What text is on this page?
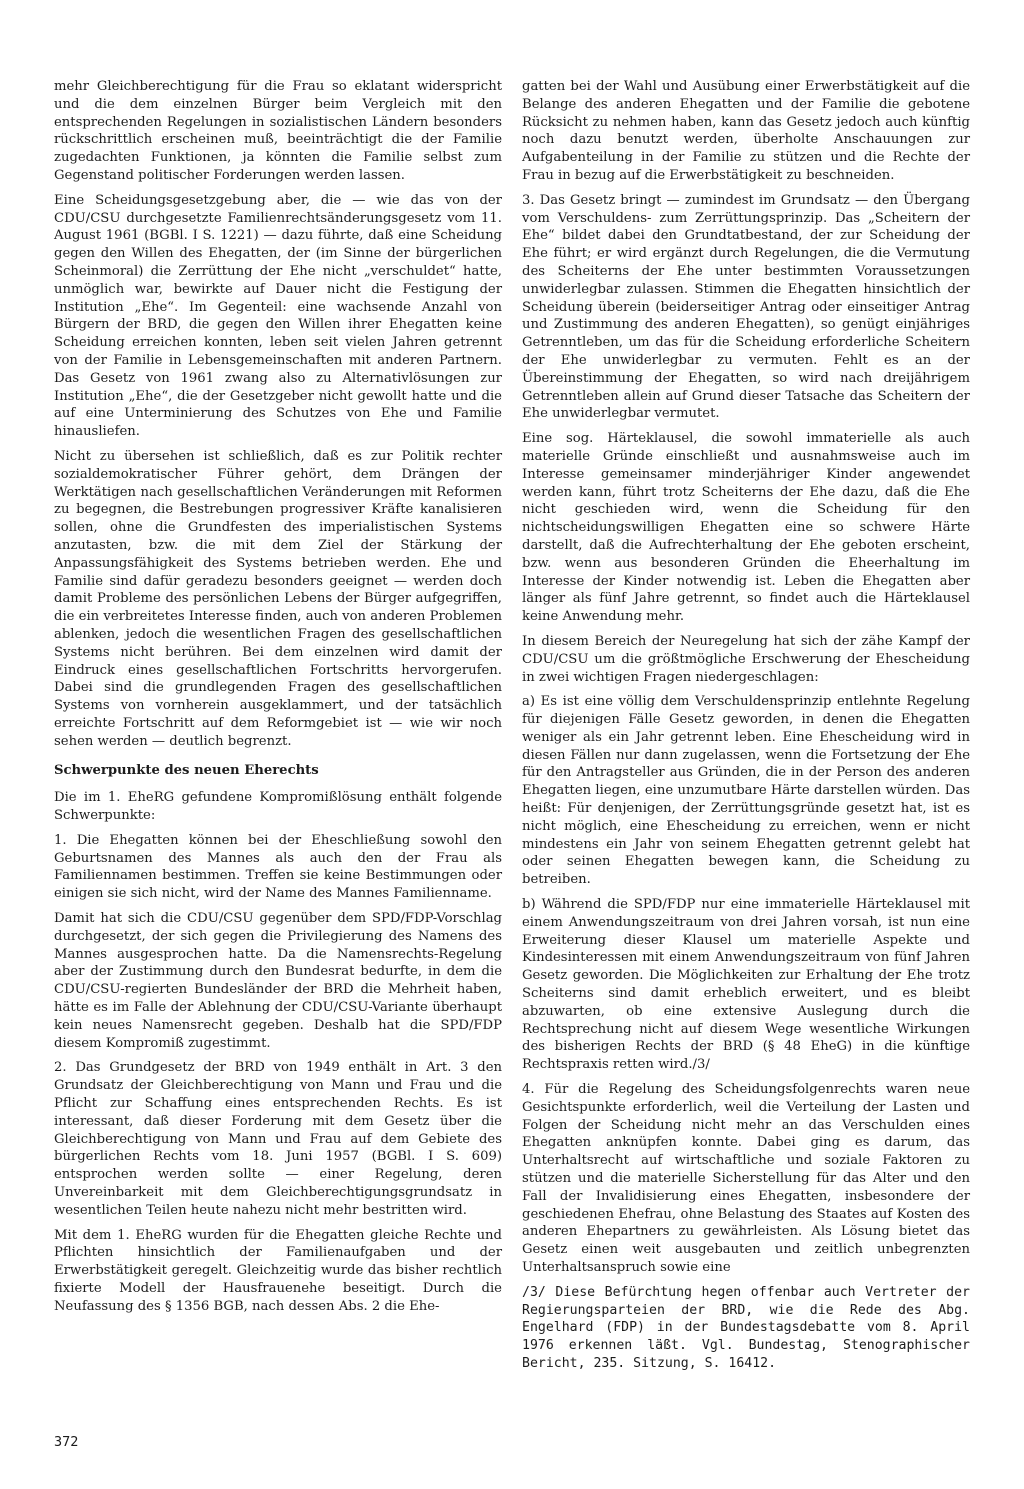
mehr Gleichberechtigung für die Frau so eklatant widerspricht und die dem einzelnen Bürger beim Vergleich mit den entsprechenden Regelungen in sozialistischen Ländern besonders rückschrittlich erscheinen muß, beeinträchtigt die der Familie zugedachten Funktionen, ja könnten die Familie selbst zum Gegenstand politischer Forderungen werden lassen.

Eine Scheidungsgesetzgebung aber, die — wie das von der CDU/CSU durchgesetzte Familienrechtsänderungsgesetz vom 11. August 1961 (BGBl. I S. 1221) — dazu führte, daß eine Scheidung gegen den Willen des Ehegatten, der (im Sinne der bürgerlichen Scheinmoral) die Zerrüttung der Ehe nicht „verschuldet“ hatte, unmöglich war, bewirkte auf Dauer nicht die Festigung der Institution „Ehe“. Im Gegenteil: eine wachsende Anzahl von Bürgern der BRD, die gegen den Willen ihrer Ehegatten keine Scheidung erreichen konnten, leben seit vielen Jahren getrennt von der Familie in Lebensgemeinschaften mit anderen Partnern. Das Gesetz von 1961 zwang also zu Alternativlösungen zur Institution „Ehe“, die der Gesetzgeber nicht gewollt hatte und die auf eine Unterminierung des Schutzes von Ehe und Familie hinausliefen.

Nicht zu übersehen ist schließlich, daß es zur Politik rechter sozialdemokratischer Führer gehört, dem Drängen der Werktätigen nach gesellschaftlichen Veränderungen mit Reformen zu begegnen, die Bestrebungen progressiver Kräfte kanalisieren sollen, ohne die Grundfesten des imperialistischen Systems anzutasten, bzw. die mit dem Ziel der Stärkung der Anpassungsfähigkeit des Systems betrieben werden. Ehe und Familie sind dafür geradezu besonders geeignet — werden doch damit Probleme des persönlichen Lebens der Bürger aufgegriffen, die ein verbreitetes Interesse finden, auch von anderen Problemen ablenken, jedoch die wesentlichen Fragen des gesellschaftlichen Systems nicht berühren. Bei dem einzelnen wird damit der Eindruck eines gesellschaftlichen Fortschritts hervorgerufen. Dabei sind die grundlegenden Fragen des gesellschaftlichen Systems von vornherein ausgeklammert, und der tatsächlich erreichte Fortschritt auf dem Reformgebiet ist — wie wir noch sehen werden — deutlich begrenzt.

Schwerpunkte des neuen Eherechts

Die im 1. EheRG gefundene Kompromißlösung enthält folgende Schwerpunkte:

1. Die Ehegatten können bei der Eheschließung sowohl den Geburtsnamen des Mannes als auch den der Frau als Familiennamen bestimmen. Treffen sie keine Bestimmungen oder einigen sie sich nicht, wird der Name des Mannes Familienname.

Damit hat sich die CDU/CSU gegenüber dem SPD/FDP-Vorschlag durchgesetzt, der sich gegen die Privilegierung des Namens des Mannes ausgesprochen hatte. Da die Namensrechts-Regelung aber der Zustimmung durch den Bundesrat bedurfte, in dem die CDU/CSU-regierten Bundesländer der BRD die Mehrheit haben, hätte es im Falle der Ablehnung der CDU/CSU-Variante überhaupt kein neues Namensrecht gegeben. Deshalb hat die SPD/FDP diesem Kompromiß zugestimmt.

2. Das Grundgesetz der BRD von 1949 enthält in Art. 3 den Grundsatz der Gleichberechtigung von Mann und Frau und die Pflicht zur Schaffung eines entsprechenden Rechts. Es ist interessant, daß dieser Forderung mit dem Gesetz über die Gleichberechtigung von Mann und Frau auf dem Gebiete des bürgerlichen Rechts vom 18. Juni 1957 (BGBl. I S. 609) entsprochen werden sollte — einer Regelung, deren Unvereinbarkeit mit dem Gleichberechtigungsgrundsatz in wesentlichen Teilen heute nahezu nicht mehr bestritten wird.

Mit dem 1. EheRG wurden für die Ehegatten gleiche Rechte und Pflichten hinsichtlich der Familienaufgaben und der Erwerbstätigkeit geregelt. Gleichzeitig wurde das bisher rechtlich fixierte Modell der Hausfrauenehe beseitigt. Durch die Neufassung des § 1356 BGB, nach dessen Abs. 2 die Ehe-

gatten bei der Wahl und Ausübung einer Erwerbstätigkeit auf die Belange des anderen Ehegatten und der Familie die gebotene Rücksicht zu nehmen haben, kann das Gesetz jedoch auch künftig noch dazu benutzt werden, überholte Anschauungen zur Aufgabenteilung in der Familie zu stützen und die Rechte der Frau in bezug auf die Erwerbstätigkeit zu beschneiden.

3. Das Gesetz bringt — zumindest im Grundsatz — den Übergang vom Verschuldens- zum Zerrüttungsprinzip. Das „Scheitern der Ehe“ bildet dabei den Grundtatbestand, der zur Scheidung der Ehe führt; er wird ergänzt durch Regelungen, die die Vermutung des Scheiterns der Ehe unter bestimmten Voraussetzungen unwiderlegbar zulassen. Stimmen die Ehegatten hinsichtlich der Scheidung überein (beiderseitiger Antrag oder einseitiger Antrag und Zustimmung des anderen Ehegatten), so genügt einjähriges Getrenntleben, um das für die Scheidung erforderliche Scheitern der Ehe unwiderlegbar zu vermuten. Fehlt es an der Übereinstimmung der Ehegatten, so wird nach dreijährigem Getrenntleben allein auf Grund dieser Tatsache das Scheitern der Ehe unwiderlegbar vermutet.

Eine sog. Härteklausel, die sowohl immaterielle als auch materielle Gründe einschließt und ausnahmsweise auch im Interesse gemeinsamer minderjähriger Kinder angewendet werden kann, führt trotz Scheiterns der Ehe dazu, daß die Ehe nicht geschieden wird, wenn die Scheidung für den nichtscheidungswilligen Ehegatten eine so schwere Härte darstellt, daß die Aufrechterhaltung der Ehe geboten erscheint, bzw. wenn aus besonderen Gründen die Eheerhaltung im Interesse der Kinder notwendig ist. Leben die Ehegatten aber länger als fünf Jahre getrennt, so findet auch die Härteklausel keine Anwendung mehr.

In diesem Bereich der Neuregelung hat sich der zähe Kampf der CDU/CSU um die größtmögliche Erschwerung der Ehescheidung in zwei wichtigen Fragen niedergeschlagen:

a) Es ist eine völlig dem Verschuldensprinzip entlehnte Regelung für diejenigen Fälle Gesetz geworden, in denen die Ehegatten weniger als ein Jahr getrennt leben. Eine Ehescheidung wird in diesen Fällen nur dann zugelassen, wenn die Fortsetzung der Ehe für den Antragsteller aus Gründen, die in der Person des anderen Ehegatten liegen, eine unzumutbare Härte darstellen würden. Das heißt: Für denjenigen, der Zerrüttungsgründe gesetzt hat, ist es nicht möglich, eine Ehescheidung zu erreichen, wenn er nicht mindestens ein Jahr von seinem Ehegatten getrennt gelebt hat oder seinen Ehegatten bewegen kann, die Scheidung zu betreiben.

b) Während die SPD/FDP nur eine immaterielle Härteklausel mit einem Anwendungszeitraum von drei Jahren vorsah, ist nun eine Erweiterung dieser Klausel um materielle Aspekte und Kindesinteressen mit einem Anwendungszeitraum von fünf Jahren Gesetz geworden. Die Möglichkeiten zur Erhaltung der Ehe trotz Scheiterns sind damit erheblich erweitert, und es bleibt abzuwarten, ob eine extensive Auslegung durch die Rechtsprechung nicht auf diesem Wege wesentliche Wirkungen des bisherigen Rechts der BRD (§ 48 EheG) in die künftige Rechtspraxis retten wird./3/

4. Für die Regelung des Scheidungsfolgenrechts waren neue Gesichtspunkte erforderlich, weil die Verteilung der Lasten und Folgen der Scheidung nicht mehr an das Verschulden eines Ehegatten anknüpfen konnte. Dabei ging es darum, das Unterhaltsrecht auf wirtschaftliche und soziale Faktoren zu stützen und die materielle Sicherstellung für das Alter und den Fall der Invalidisierung eines Ehegatten, insbesondere der geschiedenen Ehefrau, ohne Belastung des Staates auf Kosten des anderen Ehepartners zu gewährleisten. Als Lösung bietet das Gesetz einen weit ausgebauten und zeitlich unbegrenzten Unterhaltsanspruch sowie eine

/3/ Diese Befürchtung hegen offenbar auch Vertreter der Regierungsparteien der BRD, wie die Rede des Abg. Engelhard (FDP) in der Bundestagsdebatte vom 8. April 1976 erkennen läßt. Vgl. Bundestag, Stenographischer Bericht, 235. Sitzung, S. 16412.

372
